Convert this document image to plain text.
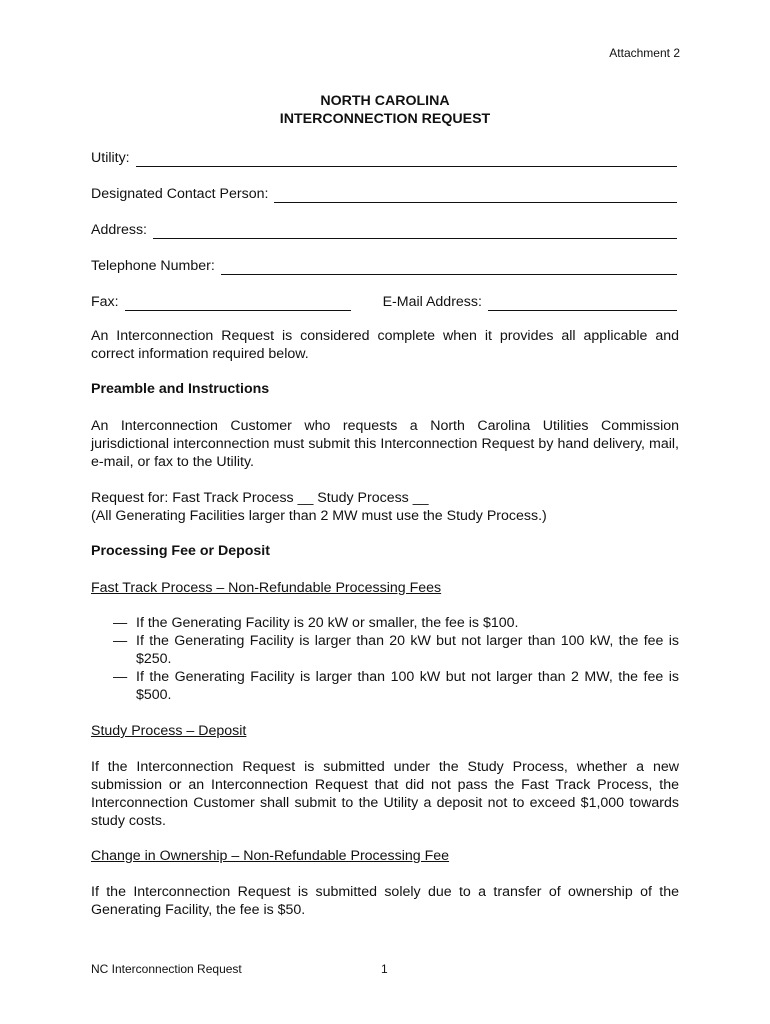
Attachment 2
NORTH CAROLINA
INTERCONNECTION REQUEST
Utility:
Designated Contact Person:
Address:
Telephone Number:
Fax:	E-Mail Address:
An Interconnection Request is considered complete when it provides all applicable and correct information required below.
Preamble and Instructions
An Interconnection Customer who requests a North Carolina Utilities Commission jurisdictional interconnection must submit this Interconnection Request by hand delivery, mail, e-mail, or fax to the Utility.
Request for: Fast Track Process __ Study Process __
(All Generating Facilities larger than 2 MW must use the Study Process.)
Processing Fee or Deposit
Fast Track Process – Non-Refundable Processing Fees
— If the Generating Facility is 20 kW or smaller, the fee is $100.
— If the Generating Facility is larger than 20 kW but not larger than 100 kW, the fee is $250.
— If the Generating Facility is larger than 100 kW but not larger than 2 MW, the fee is $500.
Study Process – Deposit
If the Interconnection Request is submitted under the Study Process, whether a new submission or an Interconnection Request that did not pass the Fast Track Process, the Interconnection Customer shall submit to the Utility a deposit not to exceed $1,000 towards study costs.
Change in Ownership – Non-Refundable Processing Fee
If the Interconnection Request is submitted solely due to a transfer of ownership of the Generating Facility, the fee is $50.
NC Interconnection Request	1
